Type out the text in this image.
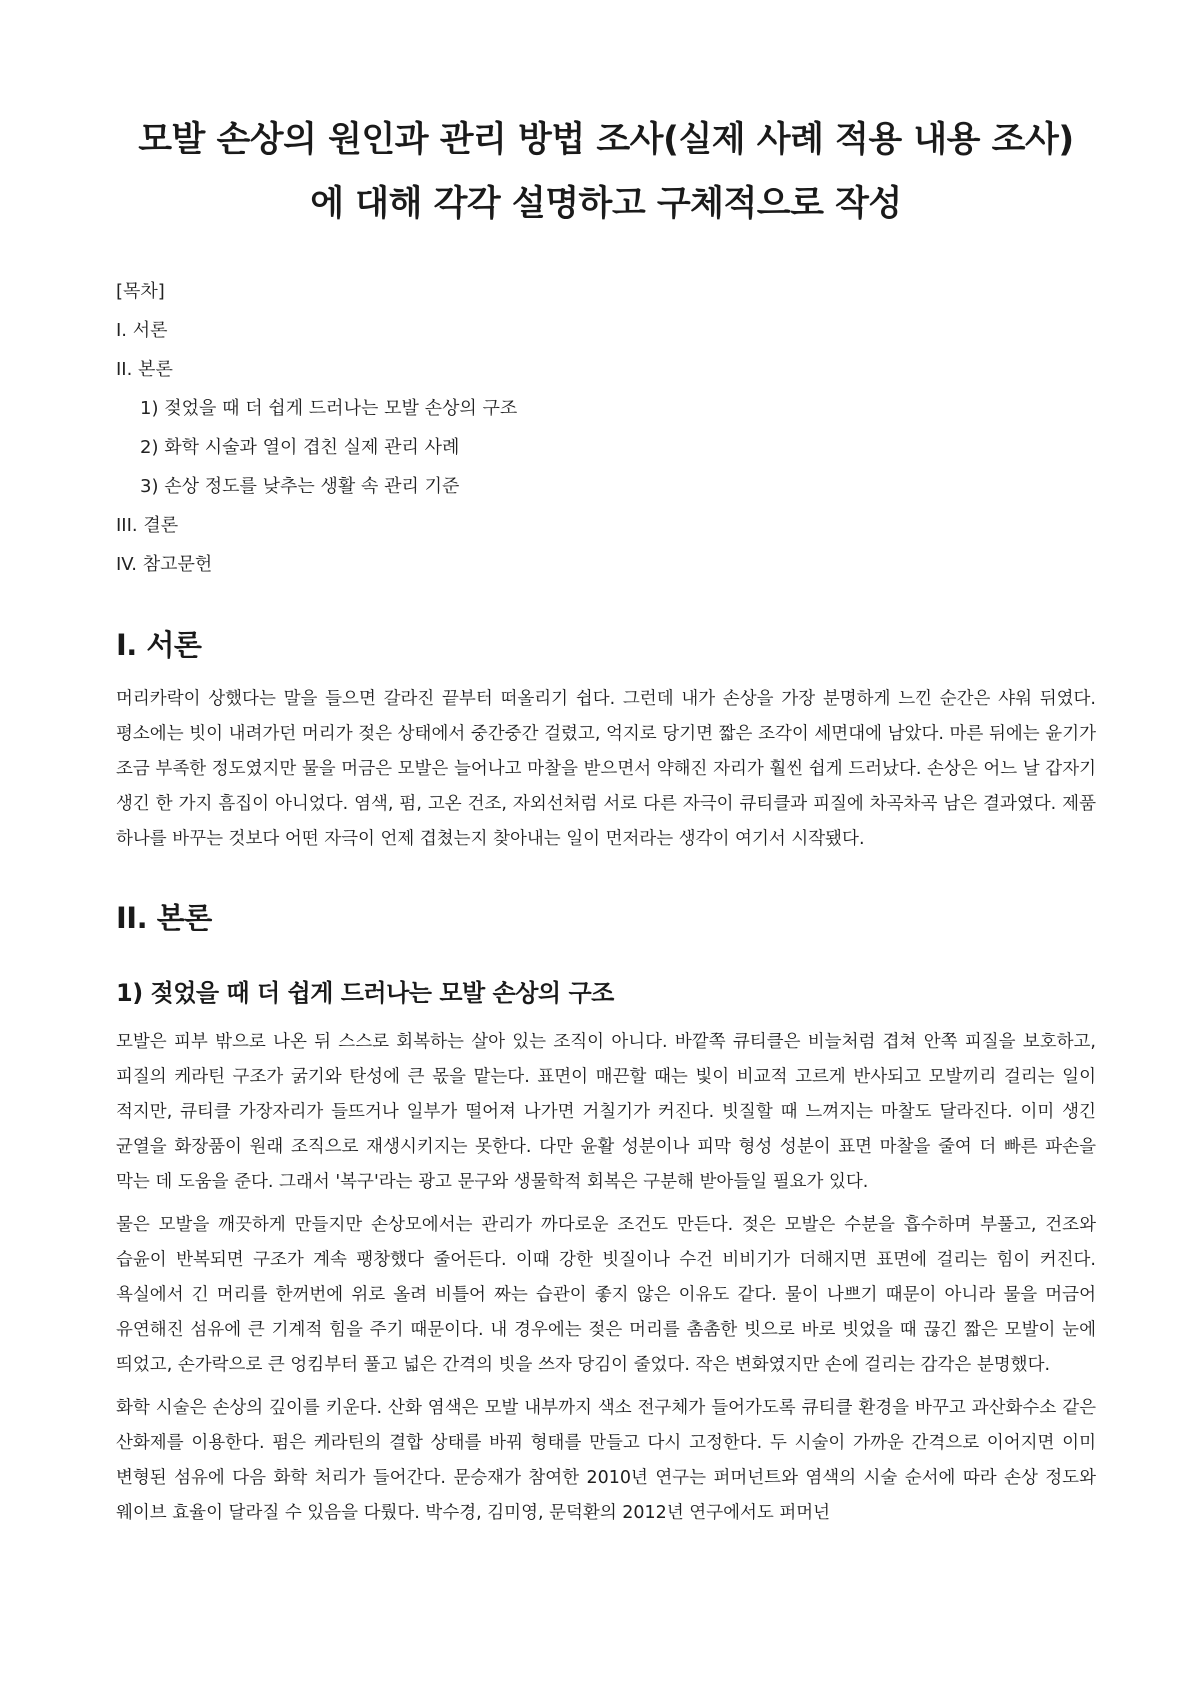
모발 손상의 원인과 관리 방법 조사(실제 사례 적용 내용 조사)
에 대해 각각 설명하고 구체적으로 작성
[목차]
I. 서론
II. 본론
1) 젖었을 때 더 쉽게 드러나는 모발 손상의 구조
2) 화학 시술과 열이 겹친 실제 관리 사례
3) 손상 정도를 낮추는 생활 속 관리 기준
III. 결론
IV. 참고문헌
I. 서론

머리카락이 상했다는 말을 들으면 갈라진 끝부터 떠올리기 쉽다. 그런데 내가 손상을 가장 분명하게 느낀 순간은 샤워 뒤였다. 평소에는 빗이 내려가던 머리가 젖은 상태에서 중간중간 걸렸고, 억지로 당기면 짧은 조각이 세면대에 남았다. 마른 뒤에는 윤기가 조금 부족한 정도였지만 물을 머금은 모발은 늘어나고 마찰을 받으면서 약해진 자리가 훨씬 쉽게 드러났다. 손상은 어느 날 갑자기 생긴 한 가지 흠집이 아니었다. 염색, 펌, 고온 건조, 자외선처럼 서로 다른 자극이 큐티클과 피질에 차곡차곡 남은 결과였다. 제품 하나를 바꾸는 것보다 어떤 자극이 언제 겹쳤는지 찾아내는 일이 먼저라는 생각이 여기서 시작됐다.

II. 본론
1) 젖었을 때 더 쉽게 드러나는 모발 손상의 구조

모발은 피부 밖으로 나온 뒤 스스로 회복하는 살아 있는 조직이 아니다. 바깥쪽 큐티클은 비늘처럼 겹쳐 안쪽 피질을 보호하고, 피질의 케라틴 구조가 굵기와 탄성에 큰 몫을 맡는다. 표면이 매끈할 때는 빛이 비교적 고르게 반사되고 모발끼리 걸리는 일이 적지만, 큐티클 가장자리가 들뜨거나 일부가 떨어져 나가면 거칠기가 커진다. 빗질할 때 느껴지는 마찰도 달라진다. 이미 생긴 균열을 화장품이 원래 조직으로 재생시키지는 못한다. 다만 윤활 성분이나 피막 형성 성분이 표면 마찰을 줄여 더 빠른 파손을 막는 데 도움을 준다. 그래서 '복구'라는 광고 문구와 생물학적 회복은 구분해 받아들일 필요가 있다.

물은 모발을 깨끗하게 만들지만 손상모에서는 관리가 까다로운 조건도 만든다. 젖은 모발은 수분을 흡수하며 부풀고, 건조와 습윤이 반복되면 구조가 계속 팽창했다 줄어든다. 이때 강한 빗질이나 수건 비비기가 더해지면 표면에 걸리는 힘이 커진다. 욕실에서 긴 머리를 한꺼번에 위로 올려 비틀어 짜는 습관이 좋지 않은 이유도 같다. 물이 나쁘기 때문이 아니라 물을 머금어 유연해진 섬유에 큰 기계적 힘을 주기 때문이다. 내 경우에는 젖은 머리를 촘촘한 빗으로 바로 빗었을 때 끊긴 짧은 모발이 눈에 띄었고, 손가락으로 큰 엉킴부터 풀고 넓은 간격의 빗을 쓰자 당김이 줄었다. 작은 변화였지만 손에 걸리는 감각은 분명했다.

화학 시술은 손상의 깊이를 키운다. 산화 염색은 모발 내부까지 색소 전구체가 들어가도록 큐티클 환경을 바꾸고 과산화수소 같은 산화제를 이용한다. 펌은 케라틴의 결합 상태를 바꿔 형태를 만들고 다시 고정한다. 두 시술이 가까운 간격으로 이어지면 이미 변형된 섬유에 다음 화학 처리가 들어간다. 문승재가 참여한 2010년 연구는 퍼머넌트와 염색의 시술 순서에 따라 손상 정도와 웨이브 효율이 달라질 수 있음을 다뤘다. 박수경, 김미영, 문덕환의 2012년 연구에서도 퍼머넌
